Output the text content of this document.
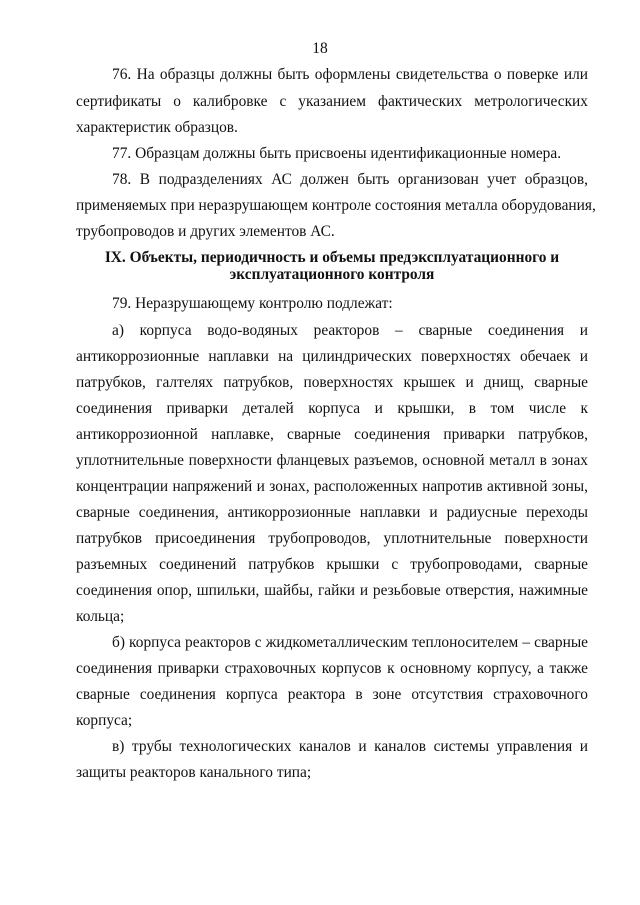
18
76. На образцы должны быть оформлены свидетельства о поверке или
сертификаты о калибровке с указанием фактических метрологических
характеристик образцов.
77. Образцам должны быть присвоены идентификационные номера.
78. В подразделениях АС должен быть организован учет образцов,
применяемых при неразрушающем контроле состояния металла оборудования,
трубопроводов и других элементов АС.
IX. Объекты, периодичность и объемы предэксплуатационного и
эксплуатационного контроля
79. Неразрушающему контролю подлежат:
а) корпуса водо-водяных реакторов – сварные соединения и
антикоррозионные наплавки на цилиндрических поверхностях обечаек и
патрубков, галтелях патрубков, поверхностях крышек и днищ, сварные
соединения приварки деталей корпуса и крышки, в том числе к
антикоррозионной наплавке, сварные соединения приварки патрубков,
уплотнительные поверхности фланцевых разъемов, основной металл в зонах
концентрации напряжений и зонах, расположенных напротив активной зоны,
сварные соединения, антикоррозионные наплавки и радиусные переходы
патрубков присоединения трубопроводов, уплотнительные поверхности
разъемных соединений патрубков крышки с трубопроводами, сварные
соединения опор, шпильки, шайбы, гайки и резьбовые отверстия, нажимные
кольца;
б) корпуса реакторов с жидкометаллическим теплоносителем – сварные
соединения приварки страховочных корпусов к основному корпусу, а также
сварные соединения корпуса реактора в зоне отсутствия страховочного
корпуса;
в) трубы технологических каналов и каналов системы управления и
защиты реакторов канального типа;
